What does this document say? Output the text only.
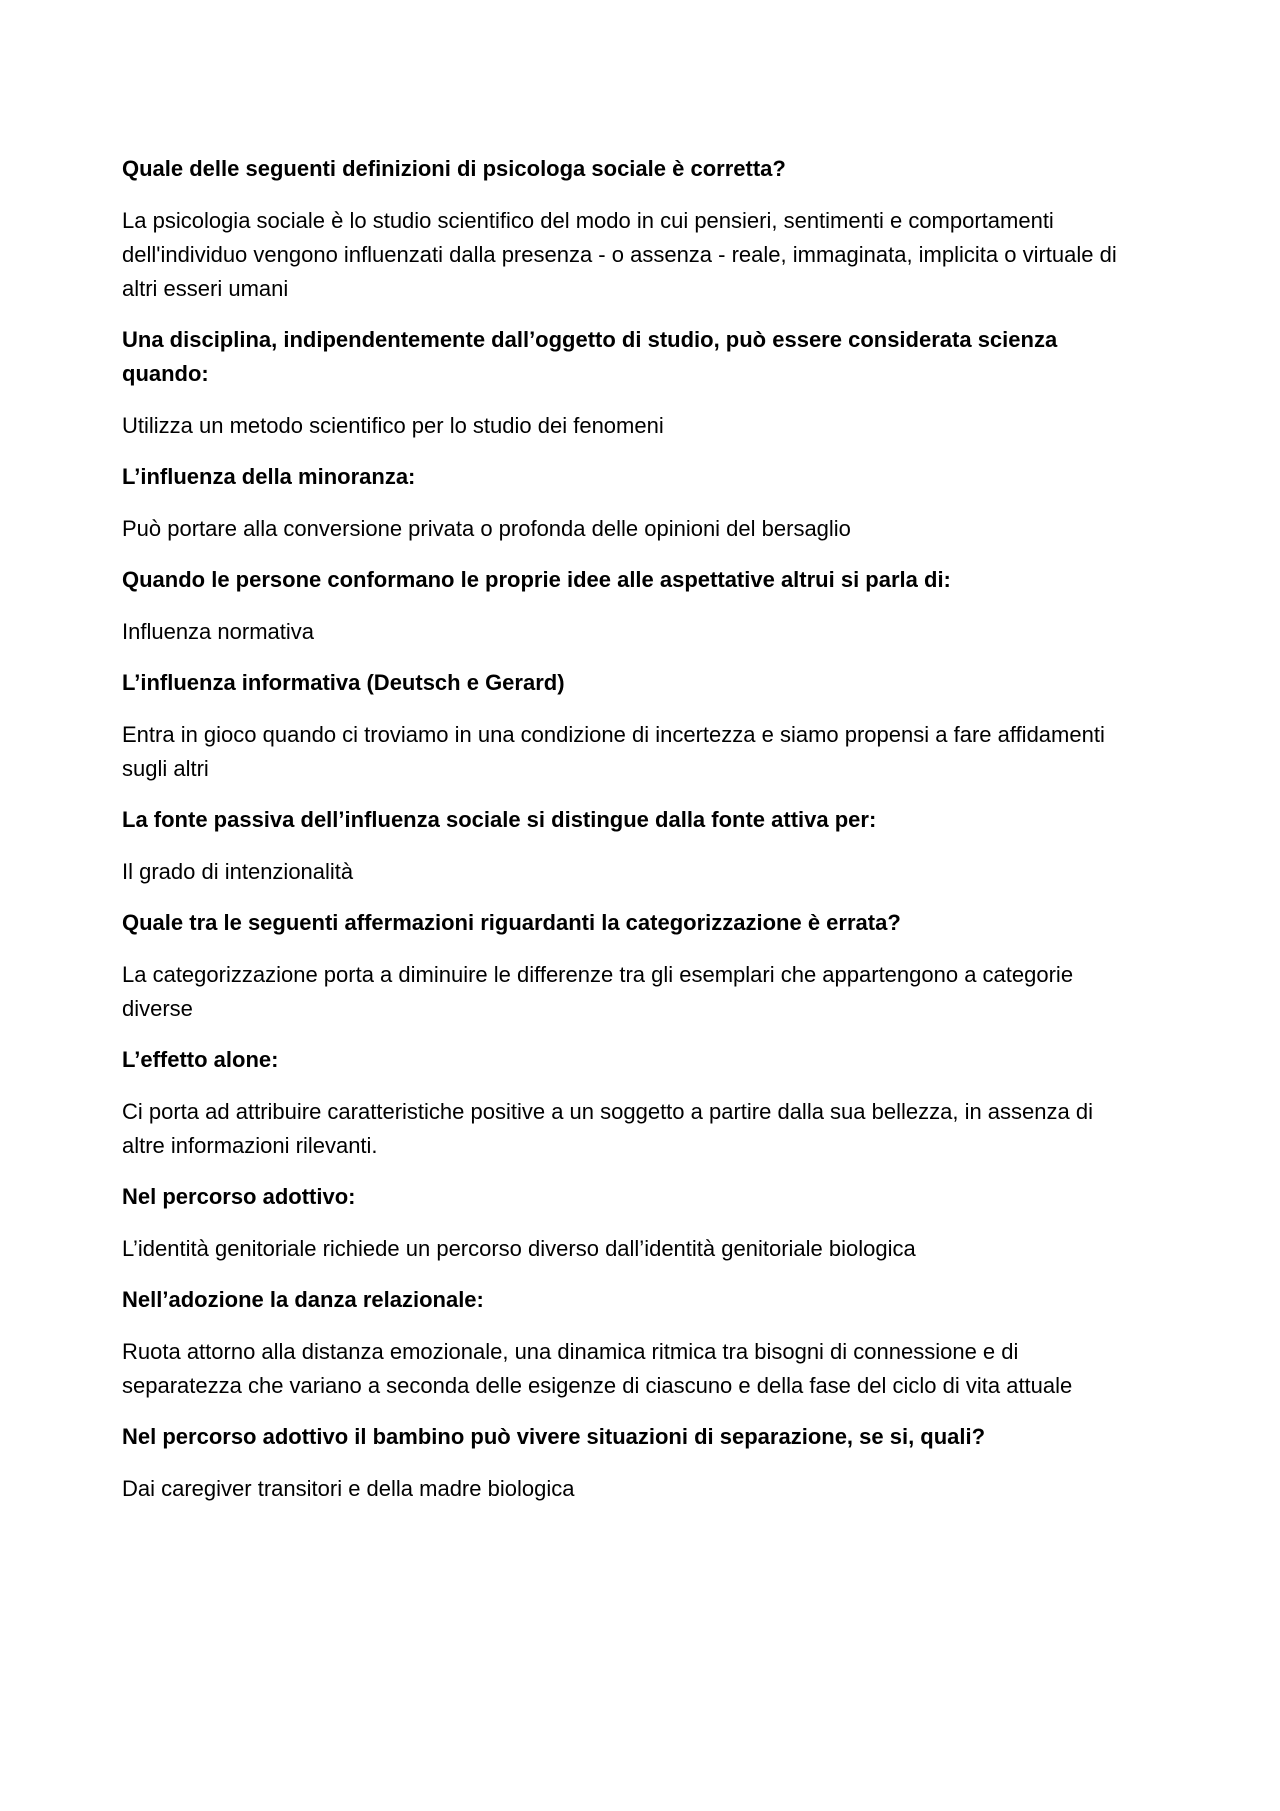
Quale delle seguenti definizioni di psicologa sociale è corretta?

La psicologia sociale è lo studio scientifico del modo in cui pensieri, sentimenti e comportamenti dell'individuo vengono influenzati dalla presenza - o assenza - reale, immaginata, implicita o virtuale di altri esseri umani

Una disciplina, indipendentemente dall’oggetto di studio, può essere considerata scienza quando:

Utilizza un metodo scientifico per lo studio dei fenomeni

L’influenza della minoranza:

Può portare alla conversione privata o profonda delle opinioni del bersaglio

Quando le persone conformano le proprie idee alle aspettative altrui si parla di:

Influenza normativa

L’influenza informativa (Deutsch e Gerard)

Entra in gioco quando ci troviamo in una condizione di incertezza e siamo propensi a fare affidamenti sugli altri

La fonte passiva dell’influenza sociale si distingue dalla fonte attiva per:

Il grado di intenzionalità

Quale tra le seguenti affermazioni riguardanti la categorizzazione è errata?

La categorizzazione porta a diminuire le differenze tra gli esemplari che appartengono a categorie diverse

L’effetto alone:

Ci porta ad attribuire caratteristiche positive a un soggetto a partire dalla sua bellezza, in assenza di altre informazioni rilevanti.

Nel percorso adottivo:

L’identità genitoriale richiede un percorso diverso dall’identità genitoriale biologica

Nell’adozione la danza relazionale:

Ruota attorno alla distanza emozionale, una dinamica ritmica tra bisogni di connessione e di separatezza che variano a seconda delle esigenze di ciascuno e della fase del ciclo di vita attuale

Nel percorso adottivo il bambino può vivere situazioni di separazione, se si, quali?

Dai caregiver transitori e della madre biologica
